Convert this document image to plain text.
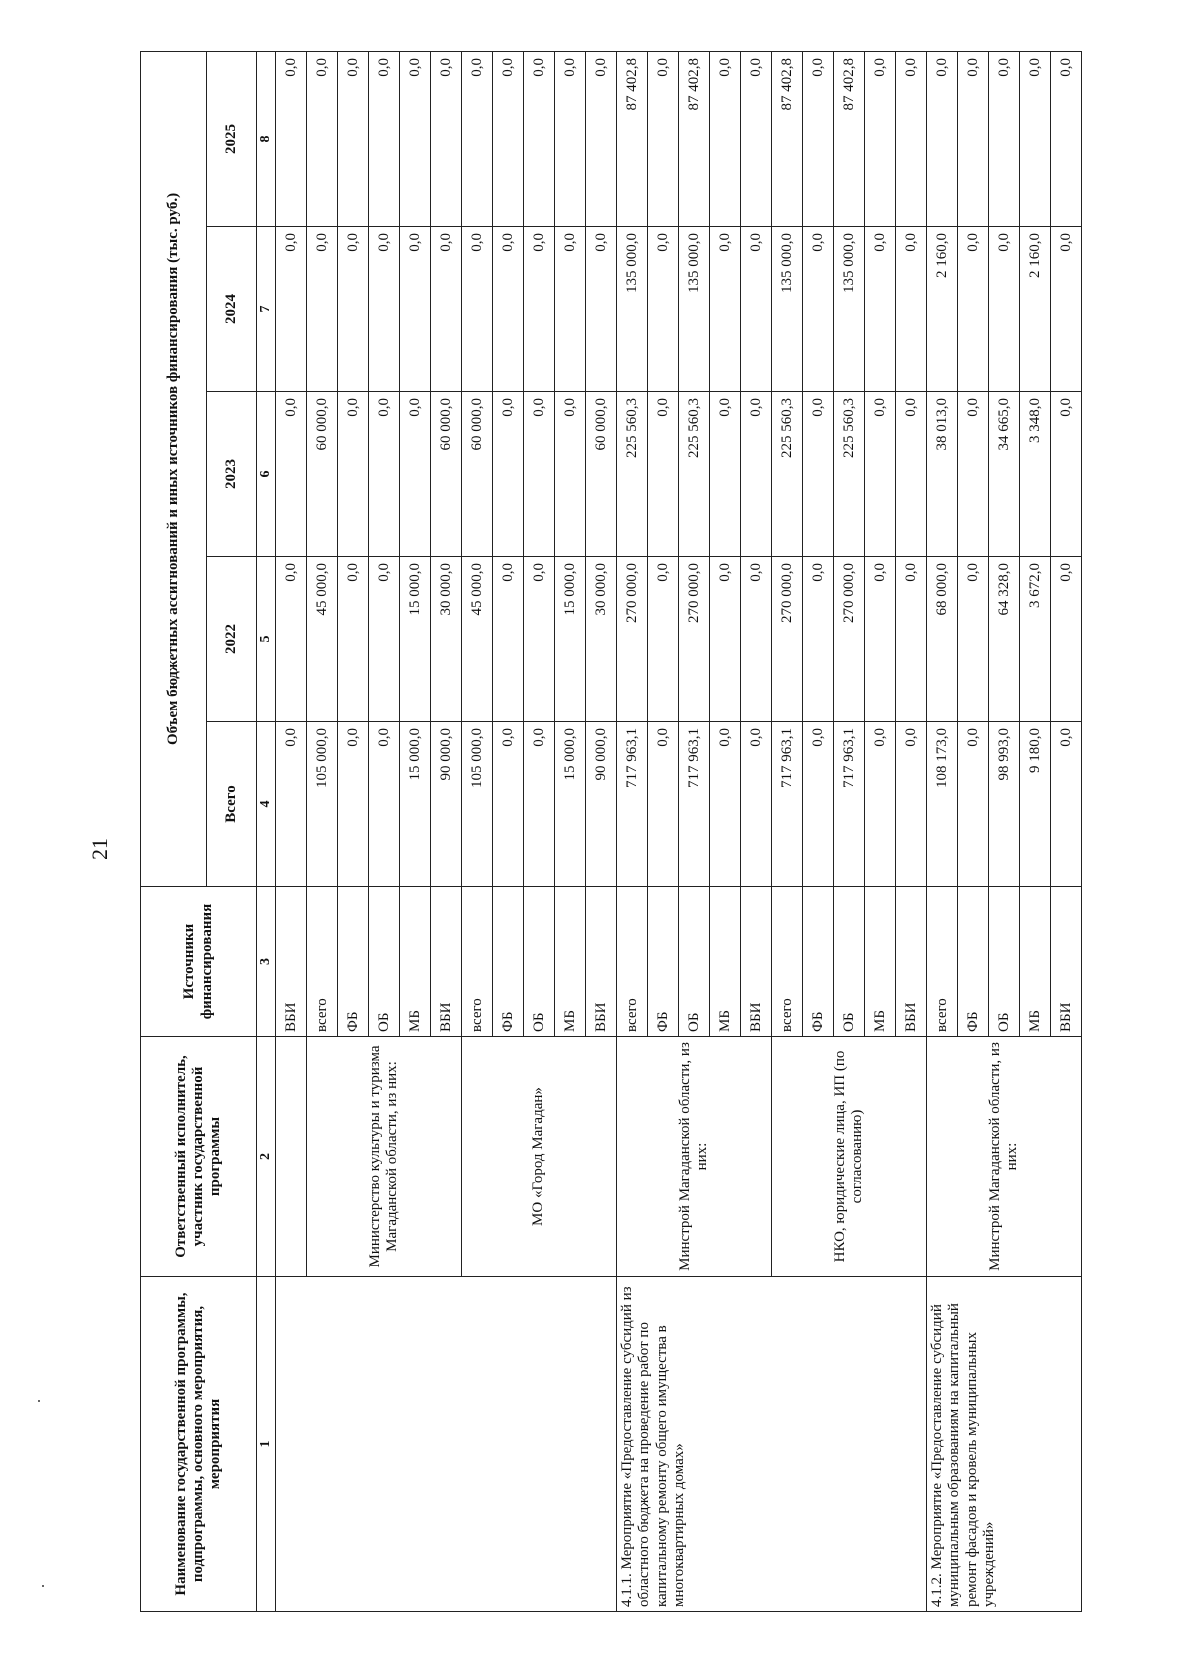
21
Наименование государственной программы, подпрограммы, основного мероприятия, мероприятия	Ответственный исполнитель, участник государственной программы	Источники финансирования	Объем бюджетных ассигнований и иных источников финансирования (тыс. руб.)				
			Всего	2022	2023	2024	2025
1	2	3	4	5	6	7	8
		ВБИ	0,0	0,0	0,0	0,0	0,0
	Министерство культуры и туризма Магаданской области, из них:	всего	105 000,0	45 000,0	60 000,0	0,0	0,0
		ФБ	0,0	0,0	0,0	0,0	0,0
		ОБ	0,0	0,0	0,0	0,0	0,0
		МБ	15 000,0	15 000,0	0,0	0,0	0,0
		ВБИ	90 000,0	30 000,0	60 000,0	0,0	0,0
	МО «Город Магадан»	всего	105 000,0	45 000,0	60 000,0	0,0	0,0
		ФБ	0,0	0,0	0,0	0,0	0,0
		ОБ	0,0	0,0	0,0	0,0	0,0
		МБ	15 000,0	15 000,0	0,0	0,0	0,0
		ВБИ	90 000,0	30 000,0	60 000,0	0,0	0,0
4.1.1. Мероприятие «Предоставление субсидий из областного бюджета на проведение работ по капитальному ремонту общего имущества в многоквартирных домах»	Минстрой Магаданской области, из них:	всего	717 963,1	270 000,0	225 560,3	135 000,0	87 402,8
		ФБ	0,0	0,0	0,0	0,0	0,0
		ОБ	717 963,1	270 000,0	225 560,3	135 000,0	87 402,8
		МБ	0,0	0,0	0,0	0,0	0,0
		ВБИ	0,0	0,0	0,0	0,0	0,0
	НКО, юридические лица, ИП (по согласованию)	всего	717 963,1	270 000,0	225 560,3	135 000,0	87 402,8
		ФБ	0,0	0,0	0,0	0,0	0,0
		ОБ	717 963,1	270 000,0	225 560,3	135 000,0	87 402,8
		МБ	0,0	0,0	0,0	0,0	0,0
		ВБИ	0,0	0,0	0,0	0,0	0,0
4.1.2. Мероприятие «Предоставление субсидий муниципальным образованиям на капитальный ремонт фасадов и кровель муниципальных учреждений»	Минстрой Магаданской области, из них:	всего	108 173,0	68 000,0	38 013,0	2 160,0	0,0
		ФБ	0,0	0,0	0,0	0,0	0,0
		ОБ	98 993,0	64 328,0	34 665,0	0,0	0,0
		МБ	9 180,0	3 672,0	3 348,0	2 160,0	0,0
		ВБИ	0,0	0,0	0,0	0,0	0,0
